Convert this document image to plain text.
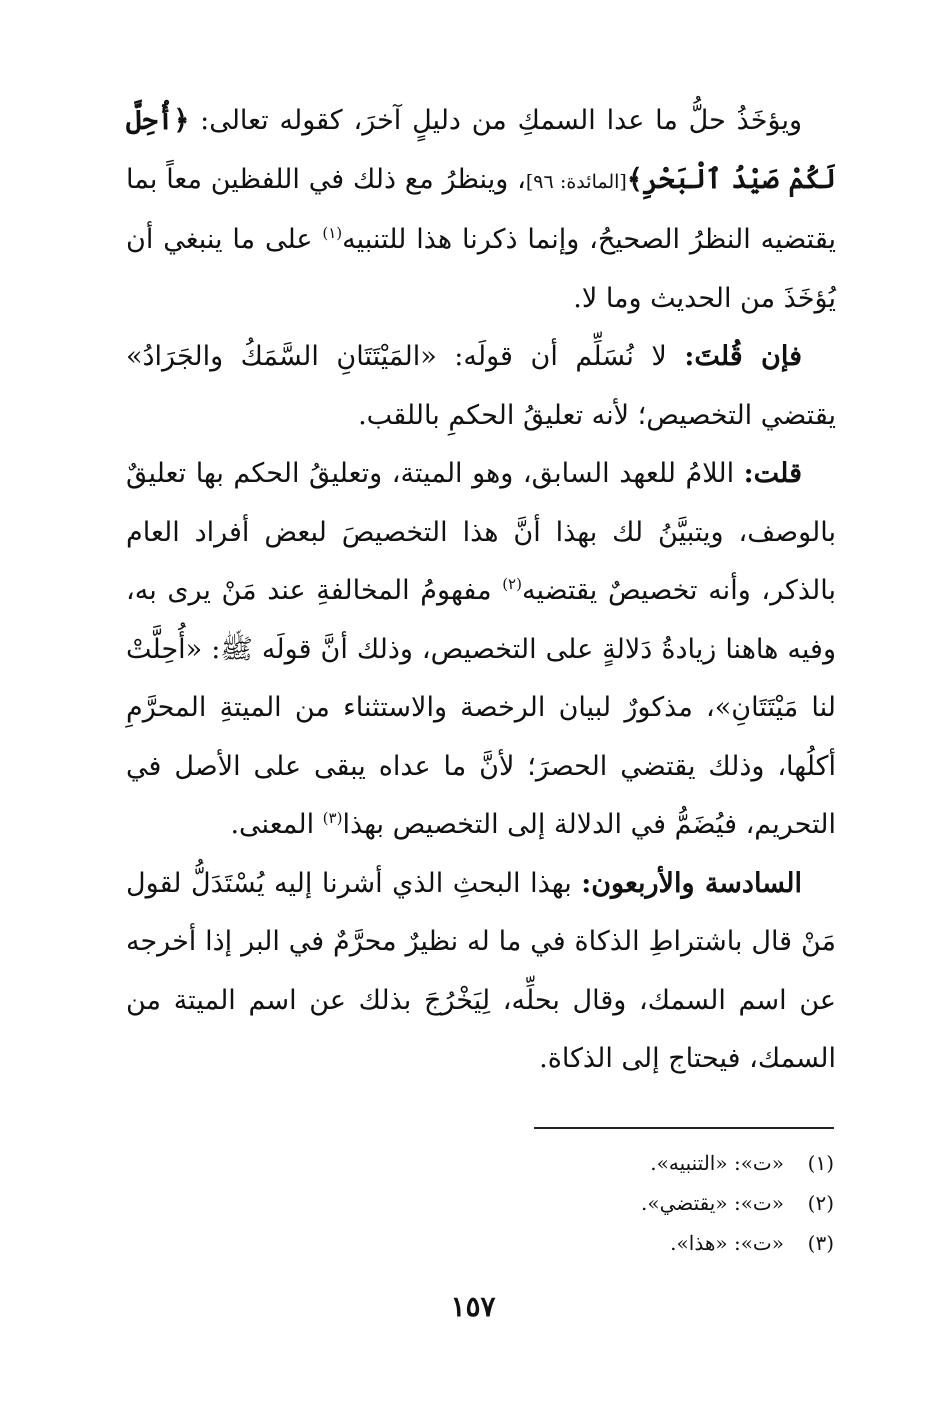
ويؤخَذُ حلُّ ما عدا السمكِ من دليلٍ آخرَ، كقوله تعالى: ﴿أُحِلَّ لَكُمْ صَيْدُ ٱلْبَحْرِ﴾[المائدة: ٩٦]، وينظرُ مع ذلك في اللفظين معاً بما يقتضيه النظرُ الصحيحُ، وإنما ذكرنا هذا للتنبيه$^{(١)}$ على ما ينبغي أن يُؤخَذَ من الحديث وما لا.

فإن قُلتَ: لا نُسَلِّم أن قولَه: «المَيْتَتَانِ السَّمَكُ والجَرَادُ» يقتضي التخصيص؛ لأنه تعليقُ الحكمِ باللقب.

قلت: اللامُ للعهد السابق، وهو الميتة، وتعليقُ الحكم بها تعليقٌ بالوصف، ويتبيَّنُ لك بهذا أنَّ هذا التخصيصَ لبعض أفراد العام بالذكر، وأنه تخصيصٌ يقتضيه$^{(٢)}$ مفهومُ المخالفةِ عند مَنْ يرى به، وفيه هاهنا زيادةُ دَلالةٍ على التخصيص، وذلك أنَّ قولَه ﷺ: «أُحِلَّتْ لنا مَيْتَتَانِ»، مذكورٌ لبيان الرخصة والاستثناء من الميتةِ المحرَّمِ أكلُها، وذلك يقتضي الحصرَ؛ لأنَّ ما عداه يبقى على الأصل في التحريم، فيُضَمُّ في الدلالة إلى التخصيص بهذا$^{(٣)}$ المعنى.

السادسة والأربعون: بهذا البحثِ الذي أشرنا إليه يُسْتَدَلُّ لقول مَنْ قال باشتراطِ الذكاة في ما له نظيرٌ محرَّمٌ في البر إذا أخرجه عن اسم السمك، وقال بحلِّه، لِيَخْرُجَ بذلك عن اسم الميتة من السمك، فيحتاج إلى الذكاة.

(١)
«ت»: «التنبيه».
(٢)
«ت»: «يقتضي».
(٣)
«ت»: «هذا».
١٥٧
